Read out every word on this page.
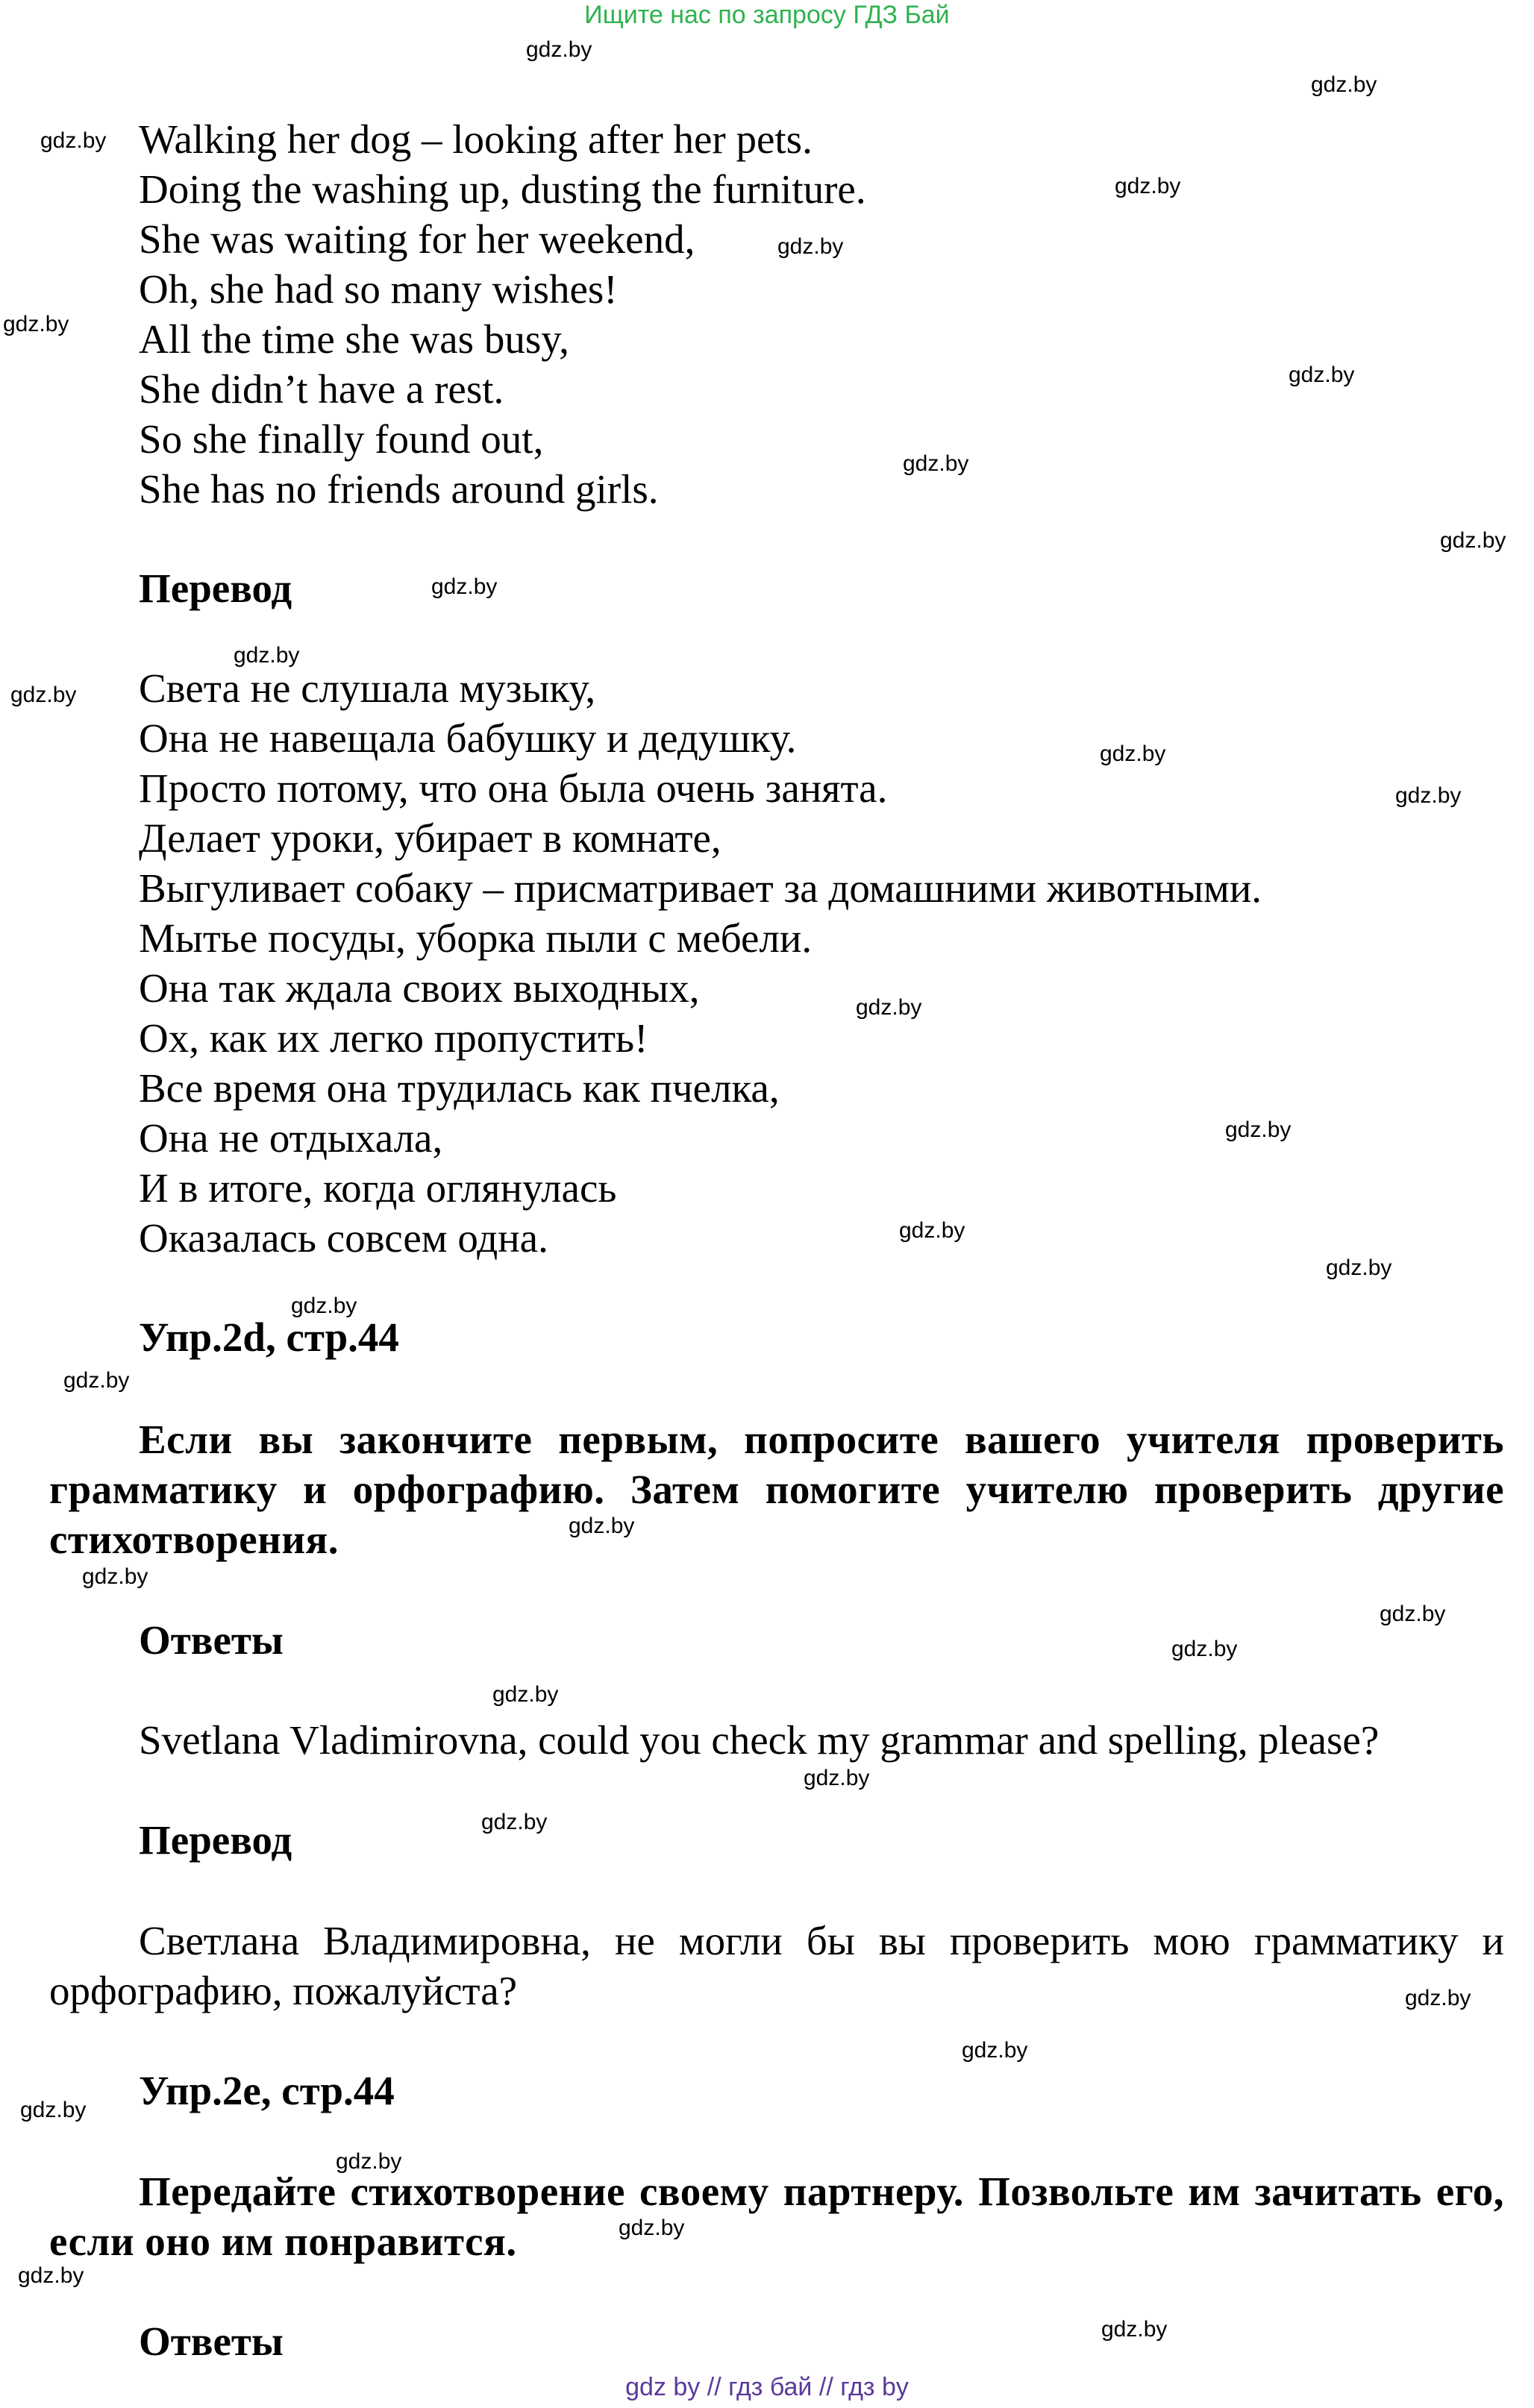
Ищите нас по запросу ГДЗ Бай
Walking her dog – looking after her pets.
Doing the washing up, dusting the furniture.
She was waiting for her weekend,
Oh, she had so many wishes!
All the time she was busy,
She didn’t have a rest.
So she finally found out,
She has no friends around girls.
Перевод
Света не слушала музыку,
Она не навещала бабушку и дедушку.
Просто потому, что она была очень занята.
Делает уроки, убирает в комнате,
Выгуливает собаку – присматривает за домашними животными.
Мытье посуды, уборка пыли с мебели.
Она так ждала своих выходных,
Ох, как их легко пропустить!
Все время она трудилась как пчелка,
Она не отдыхала,
И в итоге, когда оглянулась
Оказалась совсем одна.
Упр.2d, стр.44
Если вы закончите первым, попросите вашего учителя проверить грамматику и орфографию. Затем помогите учителю проверить другие стихотворения.
Ответы
Svetlana Vladimirovna, could you check my grammar and spelling, please?
Перевод
Светлана Владимировна, не могли бы вы проверить мою грамматику и орфографию, пожалуйста?
Упр.2е, стр.44
Передайте стихотворение своему партнеру. Позвольте им зачитать его, если оно им понравится.
Ответы
gdz.by
gdz.by
gdz.by
gdz.by
gdz.by
gdz.by
gdz.by
gdz.by
gdz.by
gdz.by
gdz.by
gdz.by
gdz.by
gdz.by
gdz.by
gdz.by
gdz.by
gdz.by
gdz.by
gdz.by
gdz.by
gdz.by
gdz.by
gdz.by
gdz.by
gdz.by
gdz.by
gdz.by
gdz.by
gdz.by
gdz.by
gdz.by
gdz.by
gdz.by
gdz by // гдз бай // гдз by
